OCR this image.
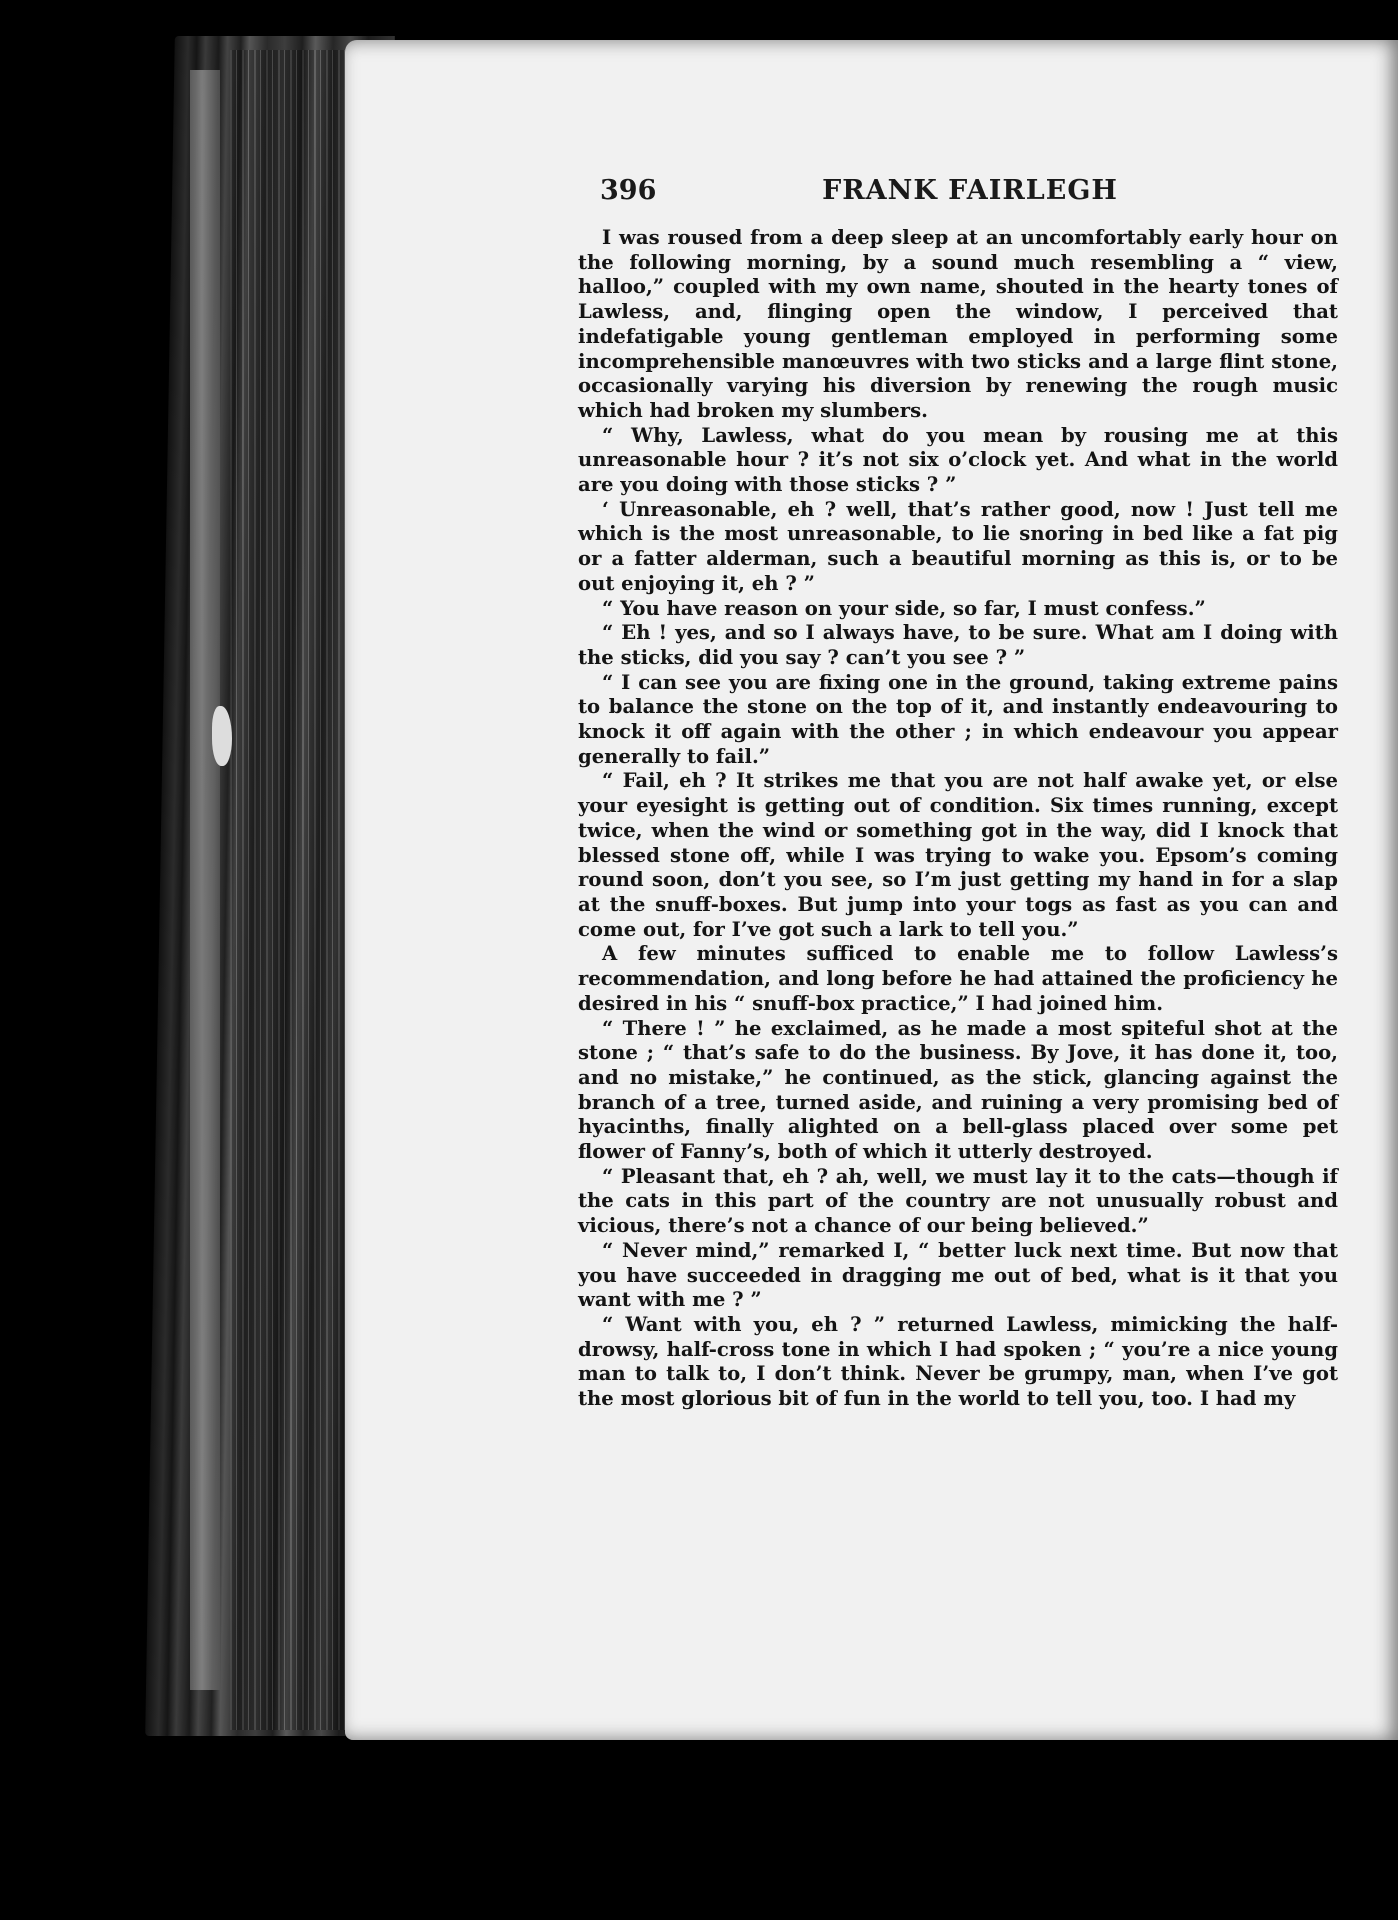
396	FRANK FAIRLEGH

I was roused from a deep sleep at an uncomfortably early hour on the following morning, by a sound much resembling a “ view, halloo,” coupled with my own name, shouted in the hearty tones of Lawless, and, flinging open the window, I perceived that indefatigable young gentleman employed in performing some incomprehensible manœuvres with two sticks and a large flint stone, occasionally varying his diversion by renewing the rough music which had broken my slumbers.

“ Why, Lawless, what do you mean by rousing me at this unreasonable hour ? it’s not six o’clock yet. And what in the world are you doing with those sticks ? ”

‘ Unreasonable, eh ? well, that’s rather good, now ! Just tell me which is the most unreasonable, to lie snoring in bed like a fat pig or a fatter alderman, such a beautiful morning as this is, or to be out enjoying it, eh ? ”

“ You have reason on your side, so far, I must confess.”

“ Eh ! yes, and so I always have, to be sure. What am I doing with the sticks, did you say ? can’t you see ? ”

“ I can see you are fixing one in the ground, taking extreme pains to balance the stone on the top of it, and instantly endeavouring to knock it off again with the other ; in which endeavour you appear generally to fail.”

“ Fail, eh ? It strikes me that you are not half awake yet, or else your eyesight is getting out of condition. Six times running, except twice, when the wind or something got in the way, did I knock that blessed stone off, while I was trying to wake you. Epsom’s coming round soon, don’t you see, so I’m just getting my hand in for a slap at the snuff-boxes. But jump into your togs as fast as you can and come out, for I’ve got such a lark to tell you.”

A few minutes sufficed to enable me to follow Lawless’s recommendation, and long before he had attained the proficiency he desired in his “ snuff-box practice,” I had joined him.

“ There ! ” he exclaimed, as he made a most spiteful shot at the stone ; “ that’s safe to do the business. By Jove, it has done it, too, and no mistake,” he continued, as the stick, glancing against the branch of a tree, turned aside, and ruining a very promising bed of hyacinths, finally alighted on a bell-glass placed over some pet flower of Fanny’s, both of which it utterly destroyed.

“ Pleasant that, eh ? ah, well, we must lay it to the cats—though if the cats in this part of the country are not unusually robust and vicious, there’s not a chance of our being believed.”

“ Never mind,” remarked I, “ better luck next time. But now that you have succeeded in dragging me out of bed, what is it that you want with me ? ”

“ Want with you, eh ? ” returned Lawless, mimicking the half-drowsy, half-cross tone in which I had spoken ; “ you’re a nice young man to talk to, I don’t think. Never be grumpy, man, when I’ve got the most glorious bit of fun in the world to tell you, too. I had my
